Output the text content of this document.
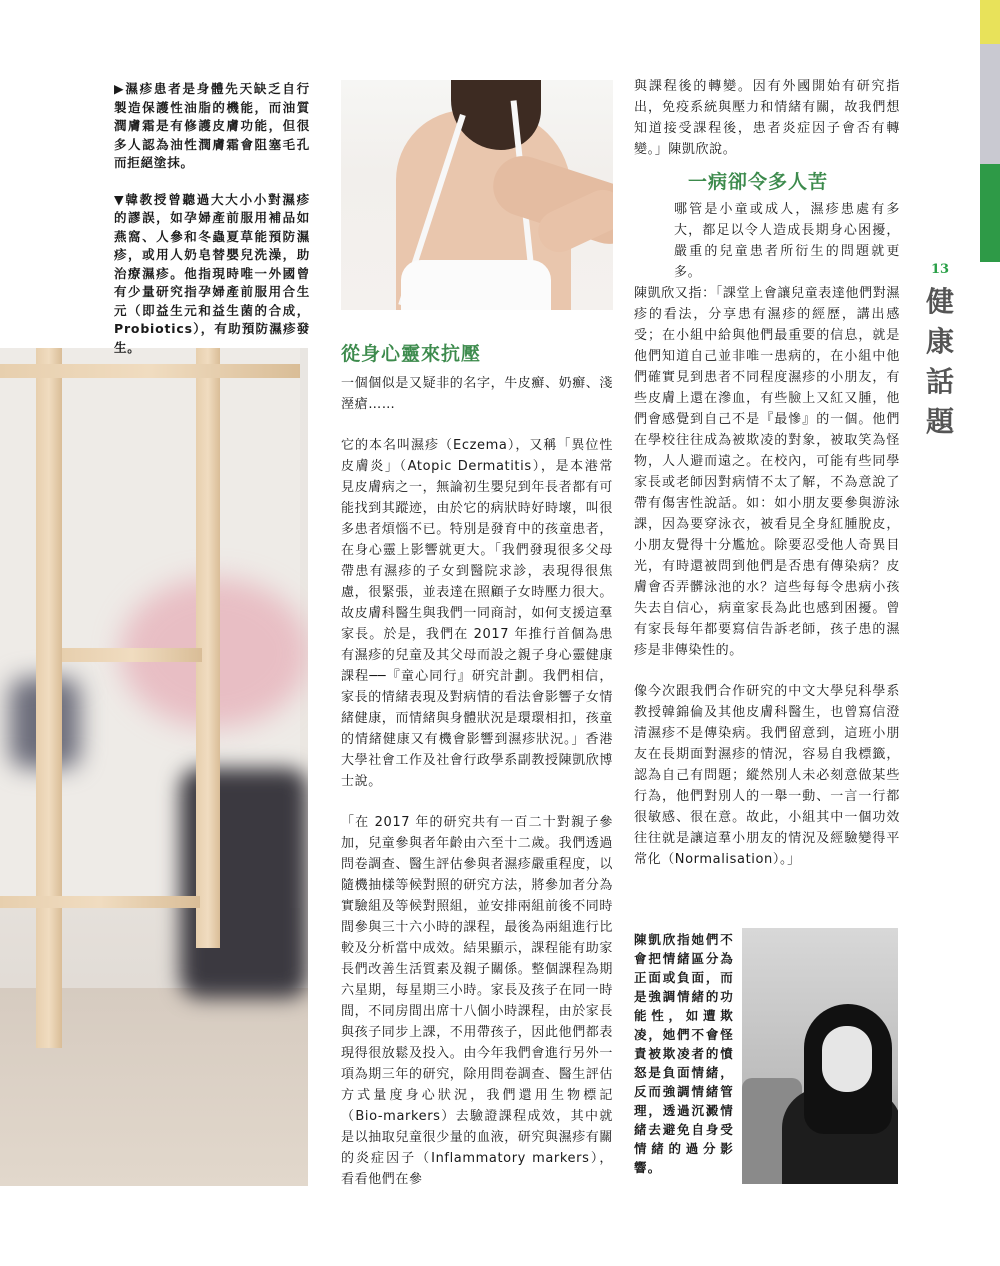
13
健
康
話
題

▶濕疹患者是身體先天缺乏自行製造保護性油脂的機能，而油質潤膚霜是有修護皮膚功能，但很多人認為油性潤膚霜會阻塞毛孔而拒絕塗抹。

▼韓教授曾聽過大大小小對濕疹的謬誤，如孕婦產前服用補品如燕窩、人參和冬蟲夏草能預防濕疹，或用人奶皂替嬰兒洗澡，助治療濕疹。他指現時唯一外國曾有少量研究指孕婦產前服用合生元（即益生元和益生菌的合成，Probiotics），有助預防濕疹發生。	從身心靈來抗壓

一個個似是又疑非的名字，牛皮癬、奶癬、淺溼瘡……

它的本名叫濕疹（Eczema），又稱「異位性皮膚炎」（Atopic Dermatitis），是本港常見皮膚病之一，無論初生嬰兒到年長者都有可能找到其蹤迹，由於它的病狀時好時壞，叫很多患者煩惱不已。特別是發育中的孩童患者，在身心靈上影響就更大。「我們發現很多父母帶患有濕疹的子女到醫院求診，表現得很焦慮，很緊張，並表達在照顧子女時壓力很大。故皮膚科醫生與我們一同商討，如何支援這羣家長。於是，我們在 2017 年推行首個為患有濕疹的兒童及其父母而設之親子身心靈健康課程──『童心同行』研究計劃。我們相信，家長的情緒表現及對病情的看法會影響子女情緒健康，而情緒與身體狀況是環環相扣，孩童的情緒健康又有機會影響到濕疹狀況。」香港大學社會工作及社會行政學系副教授陳凱欣博士說。

「在 2017 年的研究共有一百二十對親子參加，兒童參與者年齡由六至十二歲。我們透過問卷調查、醫生評估參與者濕疹嚴重程度，以隨機抽樣等候對照的研究方法，將參加者分為實驗組及等候對照組，並安排兩組前後不同時間參與三十六小時的課程，最後為兩組進行比較及分析當中成效。結果顯示，課程能有助家長們改善生活質素及親子關係。整個課程為期六星期，每星期三小時。家長及孩子在同一時間，不同房間出席十八個小時課程，由於家長與孩子同步上課，不用帶孩子，因此他們都表現得很放鬆及投入。由今年我們會進行另外一項為期三年的研究，除用問卷調查、醫生評估方式量度身心狀況，我們還用生物標記（Bio-markers）去驗證課程成效，其中就是以抽取兒童很少量的血液，研究與濕疹有關的炎症因子（Inflammatory markers），看看他們在參

與課程後的轉變。因有外國開始有研究指出，免疫系統與壓力和情緒有關，故我們想知道接受課程後，患者炎症因子會否有轉變。」陳凱欣說。

一病卻令多人苦

哪管是小童或成人，濕疹患處有多大，都足以令人造成長期身心困擾，嚴重的兒童患者所衍生的問題就更多。

陳凱欣又指：「課堂上會讓兒童表達他們對濕疹的看法，分享患有濕疹的經歷，講出感受；在小組中給與他們最重要的信息，就是他們知道自己並非唯一患病的，在小組中他們確實見到患者不同程度濕疹的小朋友，有些皮膚上還在滲血，有些臉上又紅又腫，他們會感覺到自己不是『最慘』的一個。他們在學校往往成為被欺凌的對象，被取笑為怪物，人人避而遠之。在校內，可能有些同學家長或老師因對病情不太了解，不為意說了帶有傷害性說話。如：如小朋友要參與游泳課，因為要穿泳衣，被看見全身紅腫脫皮，小朋友覺得十分尷尬。除要忍受他人奇異目光，有時還被問到他們是否患有傳染病？皮膚會否弄髒泳池的水？這些每每令患病小孩失去自信心，病童家長為此也感到困擾。曾有家長每年都要寫信告訴老師，孩子患的濕疹是非傳染性的。

像今次跟我們合作研究的中文大學兒科學系教授韓錦倫及其他皮膚科醫生，也曾寫信澄清濕疹不是傳染病。我們留意到，這班小朋友在長期面對濕疹的情況，容易自我標籤，認為自己有問題；縱然別人未必刻意做某些行為，他們對別人的一舉一動、一言一行都很敏感、很在意。故此，小組其中一個功效往往就是讓這羣小朋友的情況及經驗變得平常化（Normalisation）。」

陳凱欣指她們不會把情緒區分為正面或負面，而是強調情緒的功能性，如遭欺凌，她們不會怪責被欺凌者的憤怒是負面情緒，反而強調情緒管理，透過沉澱情緒去避免自身受情緒的過分影響。
